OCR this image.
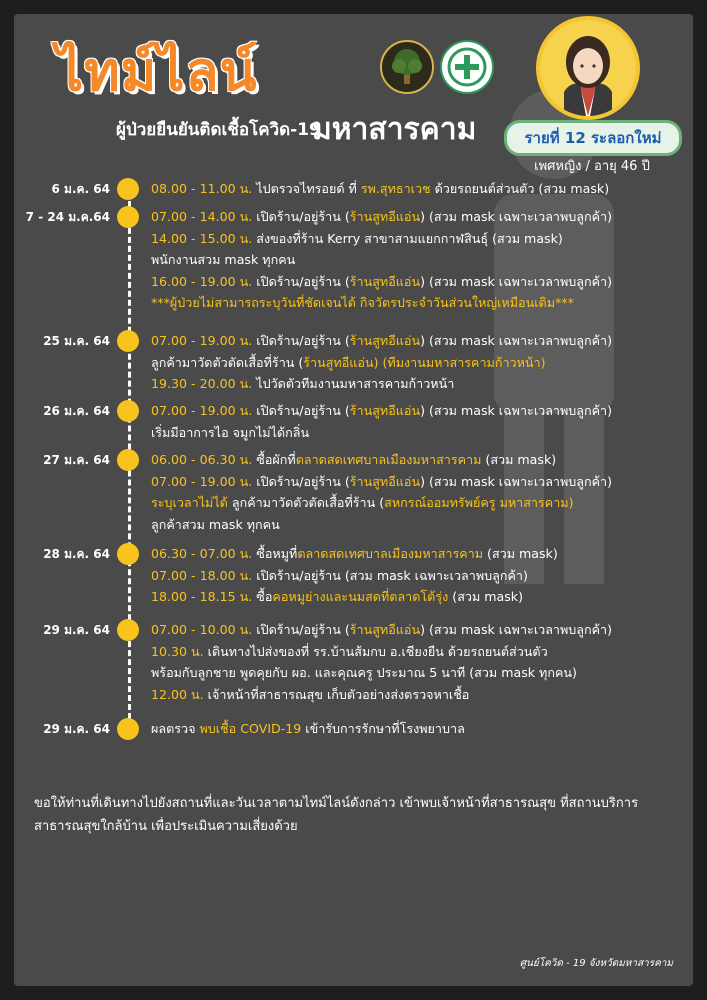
ไทม์ไลน์
ผู้ป่วยยืนยันติดเชื้อโควิด-19
มหาสารคาม	รายที่ 12 ระลอกใหม่
เพศหญิง / อายุ 46 ปี
6 ม.ค. 64	08.00 - 11.00 น. ไปตรวจไทรอยด์ ที่ รพ.สุทธาเวช ด้วยรถยนต์ส่วนตัว (สวม mask)
7 - 24 ม.ค.64	07.00 - 14.00 น. เปิดร้าน/อยู่ร้าน (ร้านสูทอีแอ่น) (สวม mask เฉพาะเวลาพบลูกค้า)
14.00 - 15.00 น. ส่งของที่ร้าน Kerry สาขาสามแยกกาฬสินธุ์ (สวม mask)
พนักงานสวม mask ทุกคน
16.00 - 19.00 น. เปิดร้าน/อยู่ร้าน (ร้านสูทอีแอ่น) (สวม mask เฉพาะเวลาพบลูกค้า)
***ผู้ป่วยไม่สามารถระบุวันที่ชัดเจนได้ กิจวัตรประจำวันส่วนใหญ่เหมือนเดิม***
25 ม.ค. 64	07.00 - 19.00 น. เปิดร้าน/อยู่ร้าน (ร้านสูทอีแอ่น) (สวม mask เฉพาะเวลาพบลูกค้า)
ลูกค้ามาวัดตัวตัดเสื้อที่ร้าน (ร้านสูทอีแอ่น) (ทีมงานมหาสารคามก้าวหน้า)
19.30 - 20.00 น. ไปวัดตัวทีมงานมหาสารคามก้าวหน้า
26 ม.ค. 64	07.00 - 19.00 น. เปิดร้าน/อยู่ร้าน (ร้านสูทอีแอ่น) (สวม mask เฉพาะเวลาพบลูกค้า)
เริ่มมีอาการไอ จมูกไม่ได้กลิ่น
27 ม.ค. 64	06.00 - 06.30 น. ซื้อผักที่ตลาดสดเทศบาลเมืองมหาสารคาม (สวม mask)
07.00 - 19.00 น. เปิดร้าน/อยู่ร้าน (ร้านสูทอีแอ่น) (สวม mask เฉพาะเวลาพบลูกค้า)
ระบุเวลาไม่ได้ ลูกค้ามาวัดตัวตัดเสื้อที่ร้าน (สหกรณ์ออมทรัพย์ครู มหาสารคาม)
ลูกค้าสวม mask ทุกคน
28 ม.ค. 64	06.30 - 07.00 น. ซื้อหมูที่ตลาดสดเทศบาลเมืองมหาสารคาม (สวม mask)
07.00 - 18.00 น. เปิดร้าน/อยู่ร้าน (สวม mask เฉพาะเวลาพบลูกค้า)
18.00 - 18.15 น. ซื้อคอหมูย่างและนมสดที่ตลาดโต้รุ่ง (สวม mask)
29 ม.ค. 64	07.00 - 10.00 น. เปิดร้าน/อยู่ร้าน (ร้านสูทอีแอ่น) (สวม mask เฉพาะเวลาพบลูกค้า)
10.30 น. เดินทางไปส่งของที่ รร.บ้านส้มกบ อ.เชียงยืน ด้วยรถยนต์ส่วนตัว
พร้อมกับลูกชาย พูดคุยกับ ผอ. และคุณครู ประมาณ 5 นาที (สวม mask ทุกคน)
12.00 น. เจ้าหน้าที่สาธารณสุข เก็บตัวอย่างส่งตรวจหาเชื้อ
29 ม.ค. 64	ผลตรวจ พบเชื้อ COVID-19 เข้ารับการรักษาที่โรงพยาบาล
ขอให้ท่านที่เดินทางไปยังสถานที่และวันเวลาตามไทม์ไลน์ดังกล่าว เข้าพบเจ้าหน้าที่สาธารณสุข ที่สถานบริการสาธารณสุขใกล้บ้าน เพื่อประเมินความเสี่ยงด้วย
ศูนย์โควิด - 19 จังหวัดมหาสารคาม
